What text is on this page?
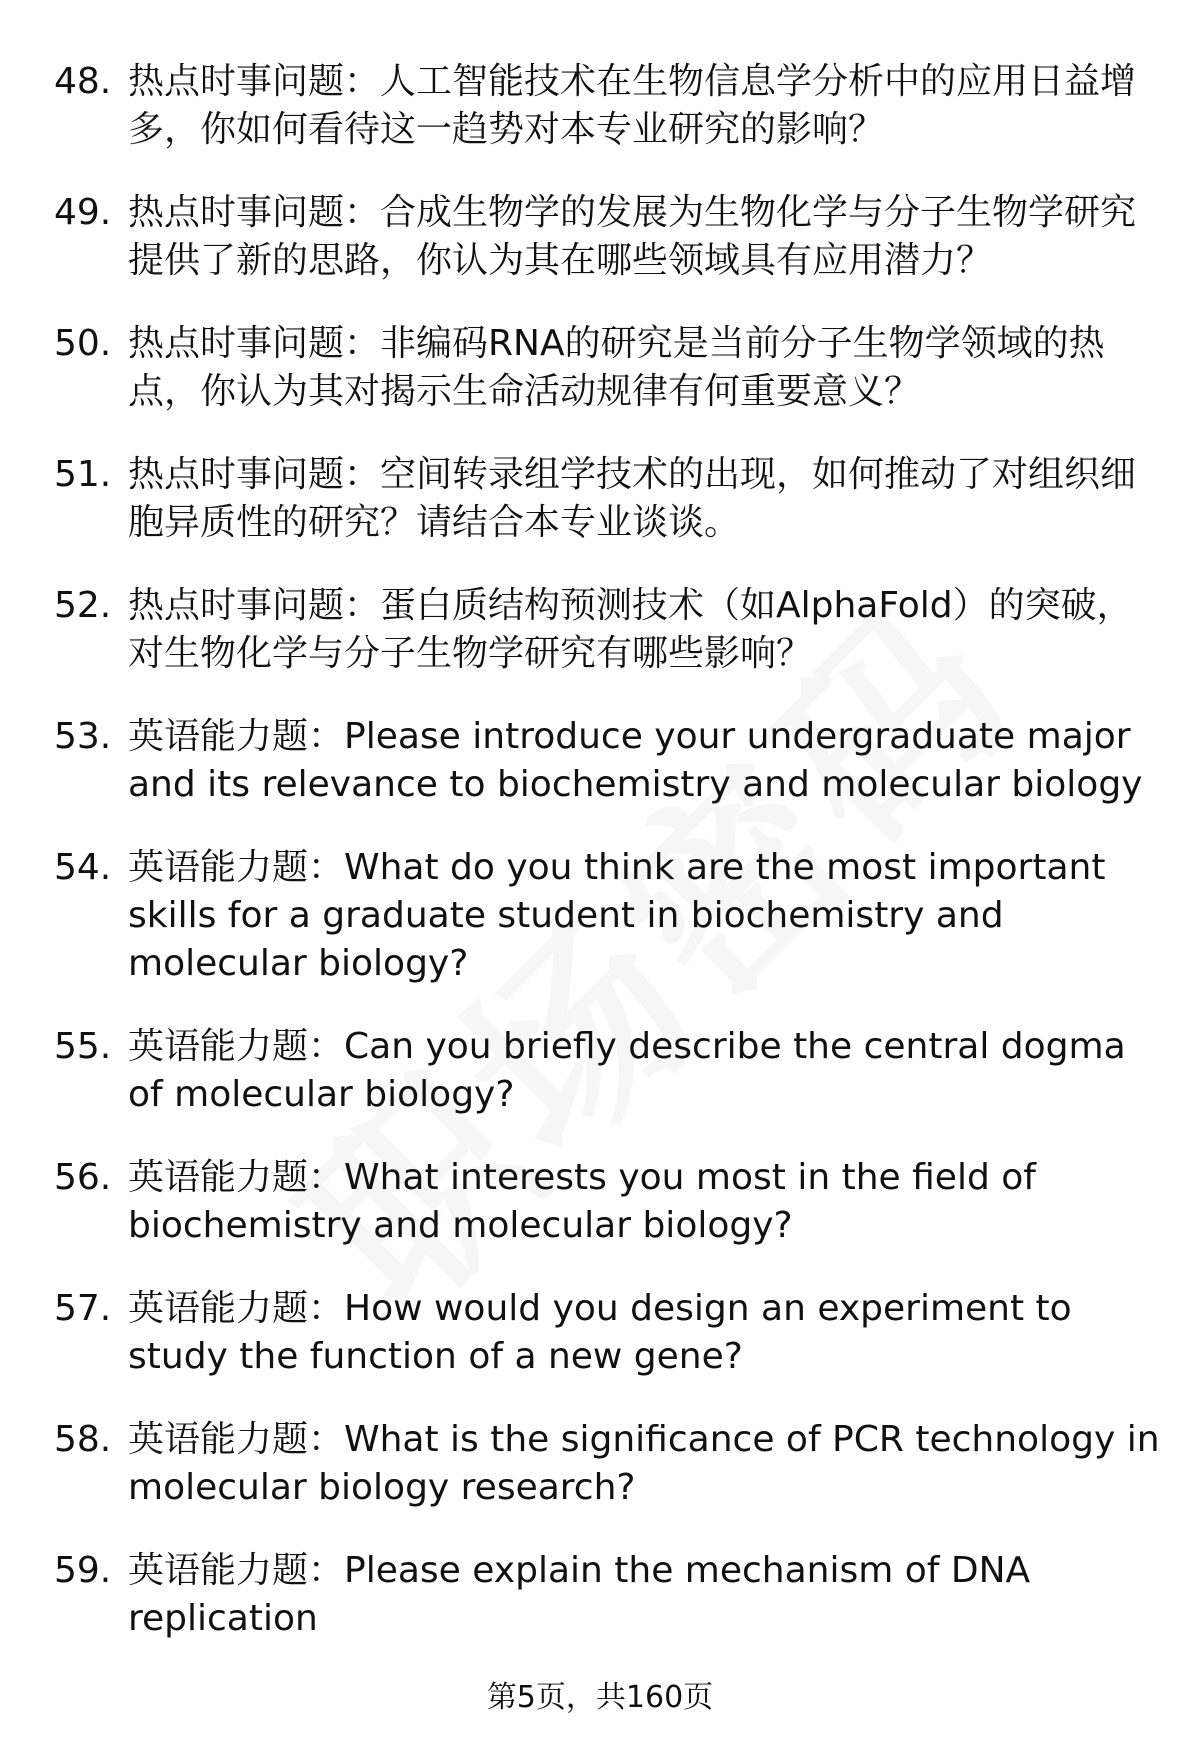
48. 热点时事问题：人工智能技术在生物信息学分析中的应用日益增多，你如何看待这一趋势对本专业研究的影响？
49. 热点时事问题：合成生物学的发展为生物化学与分子生物学研究提供了新的思路，你认为其在哪些领域具有应用潜力？
50. 热点时事问题：非编码RNA的研究是当前分子生物学领域的热点，你认为其对揭示生命活动规律有何重要意义？
51. 热点时事问题：空间转录组学技术的出现，如何推动了对组织细胞异质性的研究？请结合本专业谈谈。
52. 热点时事问题：蛋白质结构预测技术（如AlphaFold）的突破，对生物化学与分子生物学研究有哪些影响？
53. 英语能力题：Please introduce your undergraduate major and its relevance to biochemistry and molecular biology
54. 英语能力题：What do you think are the most important skills for a graduate student in biochemistry and molecular biology?
55. 英语能力题：Can you briefly describe the central dogma of molecular biology?
56. 英语能力题：What interests you most in the field of biochemistry and molecular biology?
57. 英语能力题：How would you design an experiment to study the function of a new gene?
58. 英语能力题：What is the significance of PCR technology in molecular biology research?
59. 英语能力题：Please explain the mechanism of DNA replication
第5页，共160页
